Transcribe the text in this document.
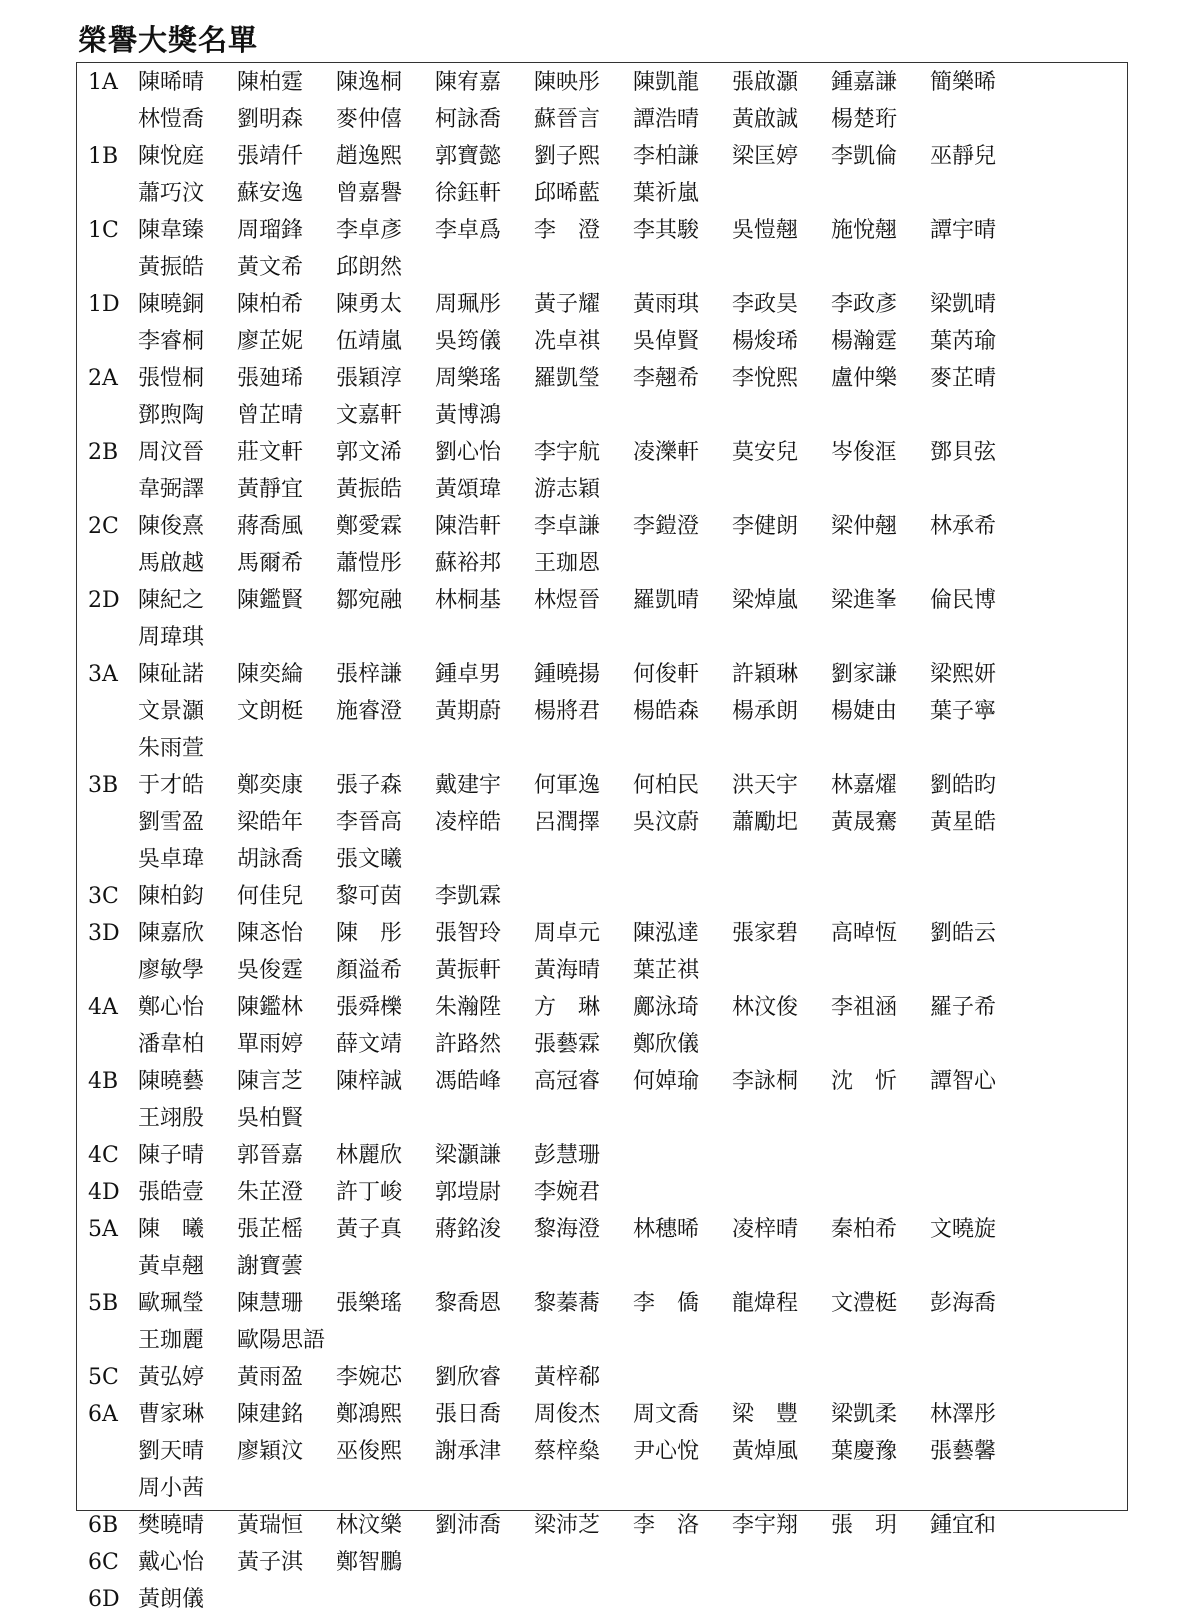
榮譽大獎名單
1A 陳晞晴	陳柏霆	陳逸桐	陳宥嘉	陳映彤	陳凱龍	張啟灝	鍾嘉謙	簡樂晞
林愷喬	劉明森	麥仲僖	柯詠喬	蘇晉言	譚浩晴	黃啟誠	楊楚珩
1B 陳悅庭	張靖仟	趙逸熙	郭寶懿	劉子熙	李柏謙	梁匡婷	李凱倫	巫靜兒
蕭巧汶	蘇安逸	曾嘉譽	徐鈺軒	邱晞藍	葉祈嵐
1C 陳韋臻	周瑠鋒	李卓彥	李卓爲	李　澄	李其駿	吳愷翹	施悅翹	譚宇晴
黃振皓	黃文希	邱朗然
1D 陳曉銅	陳柏希	陳勇太	周珮彤	黃子耀	黃雨琪	李政昊	李政彥	梁凱晴
李睿桐	廖芷妮	伍靖嵐	吳筠儀	冼卓祺	吳倬賢	楊焌琋	楊瀚霆	葉芮瑜
2A 張愷桐	張廸琋	張穎淳	周樂瑤	羅凱瑩	李翹希	李悅熙	盧仲樂	麥芷晴
鄧煦陶	曾芷晴	文嘉軒	黃博鴻
2B 周汶晉	莊文軒	郭文浠	劉心怡	李宇航	凌濼軒	莫安兒	岑俊洭	鄧貝弦
韋弼譯	黃靜宜	黃振皓	黃頌瑋	游志穎
2C 陳俊熹	蔣喬風	鄭愛霖	陳浩軒	李卓謙	李鎧澄	李健朗	梁仲翹	林承希
馬啟越	馬爾希	蕭愷彤	蘇裕邦	王珈恩
2D 陳紀之	陳鑑賢	鄒宛融	林桐基	林煜晉	羅凱晴	梁焯嵐	梁進峯	倫民博
周瑋琪
3A 陳砋諾	陳奕綸	張梓謙	鍾卓男	鍾曉揚	何俊軒	許穎琳	劉家謙	梁熙妍
文景灝	文朗梃	施睿澄	黃期蔚	楊將君	楊皓森	楊承朗	楊婕由	葉子寧
朱雨萱
3B 于才皓	鄭奕康	張子森	戴建宇	何軍逸	何柏民	洪天宇	林嘉燿	劉皓昀
劉雪盈	梁皓年	李晉高	凌梓皓	呂潤擇	吳汶蔚	蕭勵圯	黃晟騫	黃星皓
吳卓瑋	胡詠喬	張文曦
3C 陳柏鈞	何佳兒	黎可茵	李凱霖
3D 陳嘉欣	陳忞怡	陳　彤	張智玲	周卓元	陳泓達	張家碧	高晫恆	劉皓云
廖敏學	吳俊霆	顏溢希	黃振軒	黃海晴	葉芷祺
4A 鄭心怡	陳鑑林	張舜櫟	朱瀚陞	方　琳	鄺泳琦	林汶俊	李祖涵	羅子希
潘韋柏	單雨婷	薛文靖	許路然	張藝霖	鄭欣儀
4B 陳曉藝	陳言芝	陳梓誠	馮皓峰	高冠睿	何婥瑜	李詠桐	沈　忻	譚智心
王翊殷	吳柏賢
4C 陳子晴	郭晉嘉	林麗欣	梁灝謙	彭慧珊
4D 張皓壹	朱芷澄	許丁峻	郭塏尉	李婉君
5A 陳　曦	張芷榣	黃子真	蔣銘浚	黎海澄	林穗晞	凌梓晴	秦柏希	文曉旋
黃卓翹	謝寶蕓
5B 歐珮瑩	陳慧珊	張樂瑤	黎喬恩	黎蓁蕎	李　僑	龍煒程	文澧梃	彭海喬
王珈麗	歐陽思語
5C 黃弘婷	黃雨盈	李婉芯	劉欣睿	黃梓郗
6A 曹家琳	陳建銘	鄭鴻熙	張日喬	周俊杰	周文喬	梁　豐	梁凱柔	林澤彤
劉天晴	廖穎汶	巫俊熙	謝承津	蔡梓燊	尹心悅	黃焯風	葉慶豫	張藝馨
周小茜
6B 樊曉晴	黃瑞恒	林汶樂	劉沛喬	梁沛芝	李　洛	李宇翔	張　玥	鍾宜和
6C 戴心怡	黃子淇	鄭智鵬
6D 黃朗儀
